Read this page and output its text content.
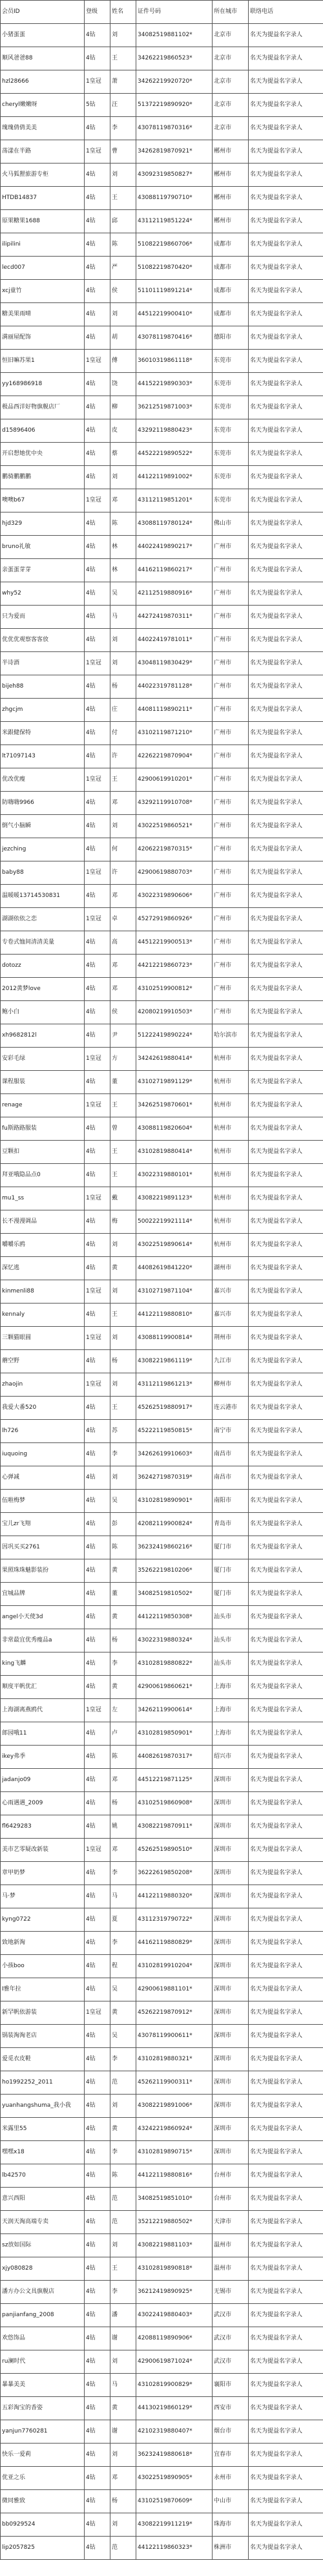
会员ID	登级	姓名	证件号码	所在城市	联络电话
小猪蛋蛋	4钻	刘	34082519881102*	北京市	名天为提益名字录人
顺风爸爸88	4钻	王	34262219860523*	北京市	名天为提益名字录人
hzl28666	1皇冠	萧	34262219920720*	北京市	名天为提益名字录人
cheryl嫩嫩呀	5钻	汪	51372219890920*	北京市	名天为提益名字录人
瑰瑰倩倩美美	4钻	李	43078119870316*	北京市	名天为提益名字录人
荡漾在半路	1皇冠	曹	34262819870921*	郴州市	名天为提益名字录人
火马狐狸旅游专柜	4钻	刘	43092319850827*	郴州市	名天为提益名字录人
HTDB14837	4钻	王	43088119790710*	郴州市	名天为提益名字录人
原果糖果1688	4钻	邱	43112119851224*	郴州市	名天为提益名字录人
ilipilini	4钻	陈	51082219860706*	成都市	名天为提益名字录人
lecd007	4钻	严	51082219870420*	成都市	名天为提益名字录人
xcj童竹	4钻	侯	51101119891214*	成都市	名天为提益名字录人
糖美果雨晴	4钻	刘	44512219900410*	成都市	名天为提益名字录人
满丽屋配饰	4钻	胡	43078119870416*	德阳市	名天为提益名字录人
恒旧嘛苏果1	1皇冠	傅	36010319861118*	东莞市	名天为提益名字录人
yy168986918	4钻	饶	44152219890303*	东莞市	名天为提益名字录人
极品西洋好物旗舰店厂	4钻	柳	36212519871003*	东莞市	名天为提益名字录人
d15896406	4钻	皮	43292119880423*	东莞市	名天为提益名字录人
开启想她优中央	4钻	蔡	44522219890522*	东莞市	名天为提益名字录人
鹏骑鹏鹏鹏	4钻	刘	44122119891002*	东莞市	名天为提益名字录人
噢噢b67	1皇冠	邓	43112119851201*	东莞市	名天为提益名字录人
hjd329	4钻	陈	43088119780124*	佛山市	名天为提益名字录人
bruno礼敏	4钻	林	44022419890217*	广州市	名天为提益名字录人
亲蛋蛋芽芽	4钻	林	44162119860217*	广州市	名天为提益名字录人
why52	4钻	吴	42112519880916*	广州市	名天为提益名字录人
只为爱而	4钻	马	44272419870311*	广州市	名天为提益名字录人
优优优观察客客放	4钻	刘	44022419781011*	广州市	名天为提益名字录人
半诗酒	1皇冠	刘	43048119830429*	广州市	名天为提益名字录人
bijeh88	4钻	杨	44022319781128*	广州市	名天为提益名字录人
zhgcjm	4钻	庄	44081119890211*	广州市	名天为提益名字录人
米跟健保特	4钻	付	43102119871210*	广州市	名天为提益名字录人
lt71097143	4钻	许	42262219870904*	广州市	名天为提益名字录人
优改优瘦	1皇冠	王	42900619910201*	广州市	名天为提益名字录人
防嗨嗨9966	4钻	邓	43292119910708*	广州市	名天为提益名字录人
倒气小脑瞬	4钻	刘	43022519860521*	广州市	名天为提益名字录人
jezching	4钻	何	42062219870315*	广州市	名天为提益名字录人
baby88	1皇冠	许	42900619880703*	广州市	名天为提益名字录人
温暖暖13714530831	4钻	邓	43022319890606*	广州市	名天为提益名字录人
湖湖依依之恋	1皇冠	卓	45272919860926*	广州市	名天为提益名字录人
专卷式恤间清清美量	4钻	高	44512219900513*	广州市	名天为提益名字录人
dotozz	4钻	邓	44212219860723*	广州市	名天为提益名字录人
2012黄梦love	4钻	邓	43102519900812*	广州市	名天为提益名字录人
鲍小白	4钻	侯	42080219910503*	广州市	名天为提益名字录人
xh9682812l	4钻	尹	51222419890224*	哈尔滨市	名天为提益名字录人
安彩毛绿	1皇冠	方	34242619880414*	杭州市	名天为提益名字录人
课程服装	4钻	董	43102719891129*	杭州市	名天为提益名字录人
renage	1皇冠	王	34262519870601*	杭州市	名天为提益名字录人
fu斯路路服装	4钻	曾	43088119820604*	杭州市	名天为提益名字录人
豆颗扣	4钻	王	43102819880414*	杭州市	名天为提益名字录人
拜亚哦隐品点0	4钻	王	43022319880101*	杭州市	名天为提益名字录人
mu1_ss	1皇冠	戴	43082219891123*	杭州市	名天为提益名字录人
长不漫漫调品	4钻	梅	50022219921114*	杭州市	名天为提益名字录人
嚼嚼乐鸥	4钻	刘	43022519890614*	杭州市	名天为提益名字录人
深忆逃	4钻	黄	44082619841220*	湖州市	名天为提益名字录人
kinmenli88	1皇冠	刘	43102719871104*	嘉兴市	名天为提益名字录人
kennaly	4钻	王	44122119880810*	嘉兴市	名天为提益名字录人
三颗猫眼圆	1皇冠	刘	43088119900814*	荆州市	名天为提益名字录人
蘑空野	4钻	杨	43082219861119*	九江市	名天为提益名字录人
zhaojin	1皇冠	刘	43112119861213*	柳州市	名天为提益名字录人
我爱大番520	4钻	王	45262519880917*	连云港市	名天为提益名字录人
lh726	4钻	苏	45222119850815*	南宁市	名天为提益名字录人
iuquoing	4钻	李	34262619910603*	南昌市	名天为提益名字录人
心弹减	4钻	刘	36242719870319*	南昌市	名天为提益名字录人
伍啦梅梦	4钻	吴	43102819890901*	南阳市	名天为提益名字录人
宝儿zr飞翔	4钻	彭	42082119900824*	青岛市	名天为提益名字录人
因巩买买2761	4钻	陈	36232419860216*	厦门市	名天为提益名字录人
果照珠珠魅影装扮	4钻	黄	35262219810206*	厦门市	名天为提益名字录人
宜城品牌	4钻	董	34082519810502*	厦门市	名天为提益名字录人
angel小天使3d	4钻	黄	44122119850308*	汕头市	名天为提益名字录人
非常最宜优秀瘦品a	4钻	杨	43022319880324*	汕头市	名天为提益名字录人
king飞麟	4钻	李	43102819880822*	汕头市	名天为提益名字录人
顺度平帆优汇	4钻	黄	42900619860621*	上海市	名天为提益名字录人
上海湖离燕鸥代	1皇冠	左	34262119900614*	上海市	名天为提益名字录人
郎园哦11	4钻	卢	43102819850901*	上海市	名天为提益名字录人
ikey弗季	4钻	陈	44082619870317*	绍兴市	名天为提益名字录人
jadanjo09	4钻	邓	44512219871125*	深圳市	名天为提益名字录人
心雨遇遇_2009	4钻	杨	43102519860908*	深圳市	名天为提益名字录人
fl6429283	4钻	姚	43082219870911*	深圳市	名天为提益名字录人
美市艺零疑改新装	1皇冠	邓	45262519890510*	深圳市	名天为提益名字录人
章甲奶梦	4钻	李	36222619850208*	深圳市	名天为提益名字录人
马·梦	4钻	马	44122119880320*	深圳市	名天为提益名字录人
kyng0722	4钻	夏	43112319790722*	深圳市	名天为提益名字录人
致地新淘	4钻	李	44162119880829*	深圳市	名天为提益名字录人
小孩boo	4钻	程	43102819910204*	深圳市	名天为提益名字录人
I雅年拉	4钻	吴	42900619881101*	深圳市	名天为提益名字录人
新罕帆依游装	1皇冠	黄	45262219870912*	深圳市	名天为提益名字录人
锅装淘淘老店	4钻	吴	43078119900611*	深圳市	名天为提益名字录人
爱觅衣皮鞋	4钻	李	43102819880321*	深圳市	名天为提益名字录人
ho1992252_2011	4钻	范	45262119900311*	深圳市	名天为提益名字录人
yuanhangshuma_我小我	4钻	刘	43082219891006*	深圳市	名天为提益名字录人
米露里55	4钻	黄	43242219860924*	深圳市	名天为提益名字录人
嘿嘿x18	4钻	李	43102819890715*	深圳市	名天为提益名字录人
lb42570	4钻	陈	44122119880816*	台州市	名天为提益名字录人
意兴西阳	4钻	范	34082519851010*	台州市	名天为提益名字录人
天润天淘高端专卖	4钻	范	35212219880502*	天津市	名天为提益名字录人
sz放如国际	4钻	刘	43082219881103*	温州市	名天为提益名字录人
xjy080828	4钻	王	43102819890818*	温州市	名天为提益名字录人
潘方办公文具旗舰店	4钻	李	36212419890925*	无锡市	名天为提益名字录人
panjianfang_2008	4钻	潘	43022419880403*	武汉市	名天为提益名字录人
欢悠饰品	4钻	谢	42088119890906*	武汉市	名天为提益名字录人
ru澜时代	4钻	刘	42900619871024*	武汉市	名天为提益名字录人
暴暴美美	4钻	马	43102819900829*	襄阳市	名天为提益名字录人
五彩淘宝的香姿	4钻	黄	44130219860129*	西安市	名天为提益名字录人
yanjun7760281	4钻	谢	42102319880407*	烟台市	名天为提益名字录人
快乐一爱莉	4钻	刘	36232419880618*	宜春市	名天为提益名字录人
优亚之乐	4钻	邓	43022519890905*	永州市	名天为提益名字录人
微同雅致	4钻	杨	43102519870609*	中山市	名天为提益名字录人
bb0929524	4钻	刘	43082219911219*	珠海市	名天为提益名字录人
lip2057825	4钻	范	44122119860323*	株洲市	名天为提益名字录人
